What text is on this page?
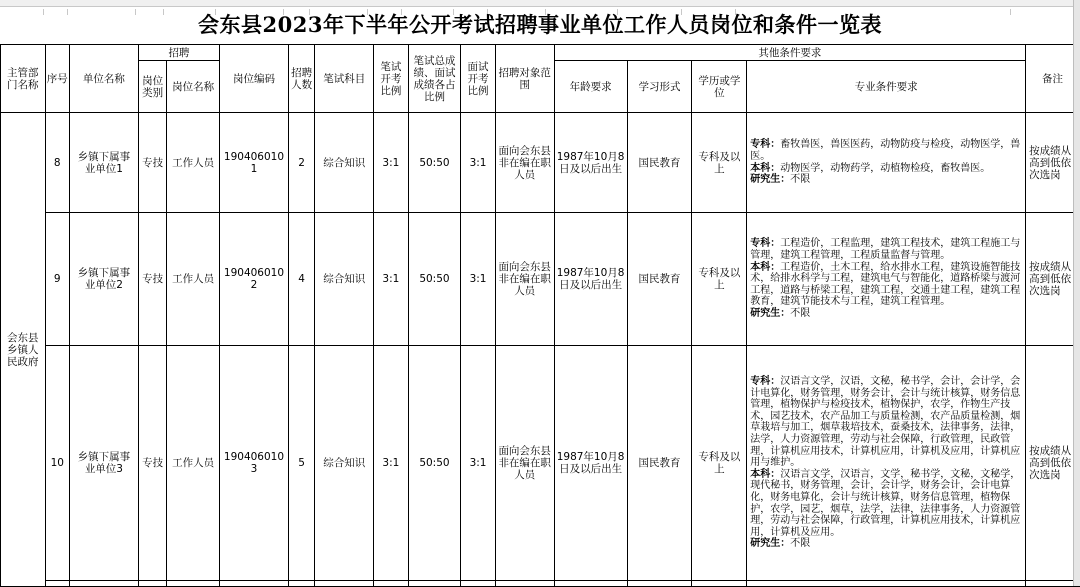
会东县2023年下半年公开考试招聘事业单位工作人员岗位和条件一览表
主管部门名称	序号	单位名称	招聘		岗位编码	招聘人数	笔试科目	笔试开考比例	笔试总成绩、面试成绩各占比例	面试开考比例	招聘对象范围	其他条件要求				备注
			岗位类别	岗位名称								年龄要求	学习形式	学历或学位	专业条件要求	
会东县乡镇人民政府	8	乡镇下属事业单位1	专技	工作人员	1904060101	2	综合知识	3:1	50:50	3:1	面向会东县非在编在职人员	1987年10月8日及以后出生	国民教育	专科及以上	专科：畜牧兽医，兽医医药，动物防疫与检疫，动物医学，兽医。
本科：动物医学，动物药学，动植物检疫，畜牧兽医。
研究生：不限	按成绩从高到低依次选岗
	9	乡镇下属事业单位2	专技	工作人员	1904060102	4	综合知识	3:1	50:50	3:1	面向会东县非在编在职人员	1987年10月8日及以后出生	国民教育	专科及以上	专科：工程造价，工程监理，建筑工程技术，建筑工程施工与管理，建筑工程管理，工程质量监督与管理。
本科：工程造价，土木工程，给水排水工程，建筑设施智能技术，给排水科学与工程，建筑电气与智能化，道路桥梁与渡河工程，道路与桥梁工程，建筑工程，交通土建工程，建筑工程教育，建筑节能技术与工程，建筑工程管理。
研究生：不限	按成绩从高到低依次选岗
	10	乡镇下属事业单位3	专技	工作人员	1904060103	5	综合知识	3:1	50:50	3:1	面向会东县非在编在职人员	1987年10月8日及以后出生	国民教育	专科及以上	专科：汉语言文学，汉语，文秘，秘书学，会计，会计学，会计电算化，财务管理，财务会计，会计与统计核算，财务信息管理，植物保护与检疫技术，植物保护，农学，作物生产技术，园艺技术，农产品加工与质量检测，农产品质量检测，烟草栽培与加工，烟草栽培技术，蚕桑技术，法律事务，法律，法学，人力资源管理，劳动与社会保障，行政管理，民政管理，计算机应用技术，计算机应用，计算机及应用，计算机应用与维护。
本科：汉语言文学，汉语言，文学，秘书学，文秘，文秘学，现代秘书，财务管理，会计，会计学，财务会计，会计电算化，财务电算化，会计与统计核算，财务信息管理，植物保护，农学，园艺，烟草，法学，法律，法律事务，人力资源管理，劳动与社会保障，行政管理，计算机应用技术，计算机应用，计算机及应用。
研究生：不限	按成绩从高到低依次选岗
